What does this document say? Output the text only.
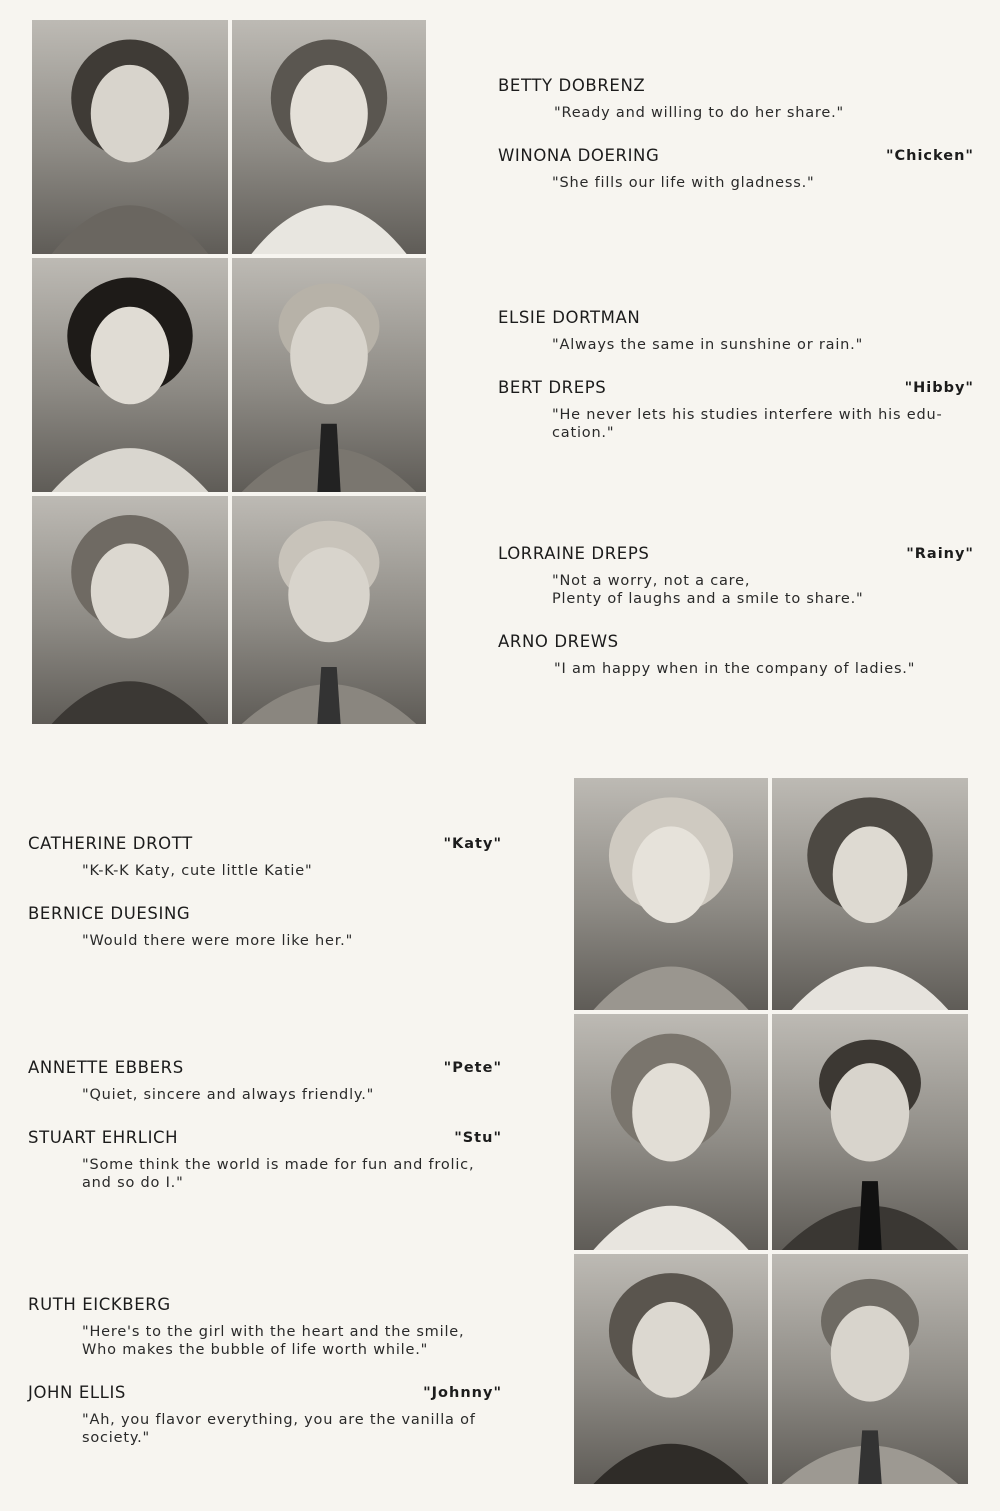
BETTY DOBRENZ
"Ready and willing to do her share."
WINONA DOERING	"Chicken"
"She fills our life with gladness."
ELSIE DORTMAN
"Always the same in sunshine or rain."
BERT DREPS	"Hibby"
"He never lets his studies interfere with his edu-
cation."
LORRAINE DREPS	"Rainy"
"Not a worry, not a care,
Plenty of laughs and a smile to share."
ARNO DREWS
"I am happy when in the company of ladies."
CATHERINE DROTT	"Katy"
"K-K-K Katy, cute little Katie"
BERNICE DUESING
"Would there were more like her."
ANNETTE EBBERS	"Pete"
"Quiet, sincere and always friendly."
STUART EHRLICH	"Stu"
"Some think the world is made for fun and frolic,
and so do I."
RUTH EICKBERG
"Here's to the girl with the heart and the smile,
Who makes the bubble of life worth while."
JOHN ELLIS	"Johnny"
"Ah, you flavor everything, you are the vanilla of
society."
